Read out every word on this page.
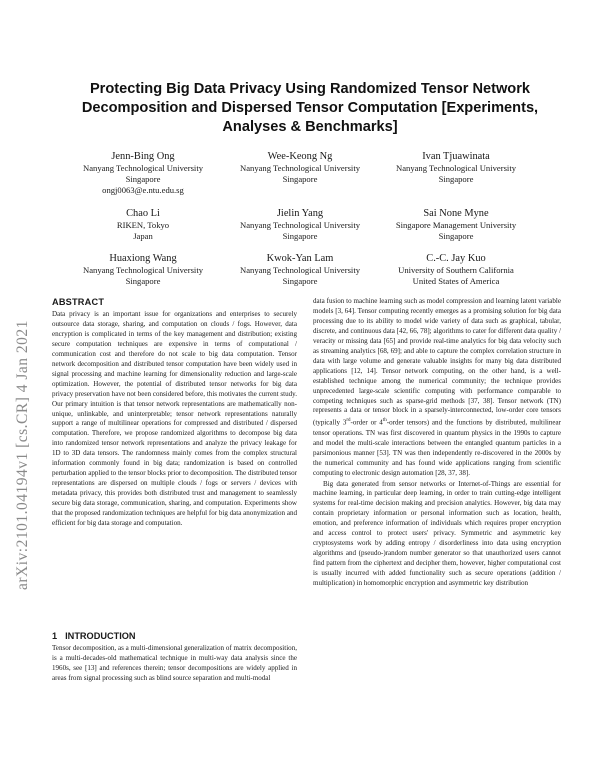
arXiv:2101.04194v1 [cs.CR] 4 Jan 2021
Protecting Big Data Privacy Using Randomized Tensor Network Decomposition and Dispersed Tensor Computation [Experiments, Analyses & Benchmarks]
Jenn-Bing Ong
Nanyang Technological University
Singapore
ongj0063@e.ntu.edu.sg
Wee-Keong Ng
Nanyang Technological University
Singapore
Ivan Tjuawinata
Nanyang Technological University
Singapore
Chao Li
RIKEN, Tokyo
Japan
Jielin Yang
Nanyang Technological University
Singapore
Sai None Myne
Singapore Management University
Singapore
Huaxiong Wang
Nanyang Technological University
Singapore
Kwok-Yan Lam
Nanyang Technological University
Singapore
C.-C. Jay Kuo
University of Southern California
United States of America
ABSTRACT
Data privacy is an important issue for organizations and enterprises to securely outsource data storage, sharing, and computation on clouds / fogs. However, data encryption is complicated in terms of the key management and distribution; existing secure computation techniques are expensive in terms of computational / communication cost and therefore do not scale to big data computation. Tensor network decomposition and distributed tensor computation have been widely used in signal processing and machine learning for dimensionality reduction and large-scale optimization. However, the potential of distributed tensor networks for big data privacy preservation have not been considered before, this motivates the current study. Our primary intuition is that tensor network representations are mathematically non-unique, unlinkable, and uninterpretable; tensor network representations naturally support a range of multilinear operations for compressed and distributed / dispersed computation. Therefore, we propose randomized algorithms to decompose big data into randomized tensor network representations and analyze the privacy leakage for 1D to 3D data tensors. The randomness mainly comes from the complex structural information commonly found in big data; randomization is based on controlled perturbation applied to the tensor blocks prior to decomposition. The distributed tensor representations are dispersed on multiple clouds / fogs or servers / devices with metadata privacy, this provides both distributed trust and management to seamlessly secure big data storage, communication, sharing, and computation. Experiments show that the proposed randomization techniques are helpful for big data anonymization and efficient for big data storage and computation.
1 INTRODUCTION
Tensor decomposition, as a multi-dimensional generalization of matrix decomposition, is a multi-decades-old mathematical technique in multi-way data analysis since the 1960s, see [13] and references therein; tensor decompositions are widely applied in areas from signal processing such as blind source separation and multi-modal

data fusion to machine learning such as model compression and learning latent variable models [3, 64]. Tensor computing recently emerges as a promising solution for big data processing due to its ability to model wide variety of data such as graphical, tabular, discrete, and continuous data [42, 66, 78]; algorithms to cater for different data quality / veracity or missing data [65] and provide real-time analytics for big data velocity such as streaming analytics [68, 69]; and able to capture the complex correlation structure in data with large volume and generate valuable insights for many big data distributed applications [12, 14]. Tensor network computing, on the other hand, is a well-established technique among the numerical community; the technique provides unprecedented large-scale scientific computing with performance comparable to competing techniques such as sparse-grid methods [37, 38]. Tensor network (TN) represents a data or tensor block in a sparsely-interconnected, low-order core tensors (typically 3rd-order or 4th-order tensors) and the functions by distributed, multilinear tensor operations. TN was first discovered in quantum physics in the 1990s to capture and model the multi-scale interactions between the entangled quantum particles in a parsimonious manner [53]. TN was then independently re-discovered in the 2000s by the numerical community and has found wide applications ranging from scientific computing to electronic design automation [28, 37, 38].

Big data generated from sensor networks or Internet-of-Things are essential for machine learning, in particular deep learning, in order to train cutting-edge intelligent systems for real-time decision making and precision analytics. However, big data may contain proprietary information or personal information such as location, health, emotion, and preference information of individuals which requires proper encryption and access control to protect users' privacy. Symmetric and asymmetric key cryptosystems work by adding entropy / disorderliness into data using encryption algorithms and (pseudo-)random number generator so that unauthorized users cannot find pattern from the ciphertext and decipher them, however, higher computational cost is usually incurred with added functionality such as secure operations (addition / multiplication) in homomorphic encryption and asymmetric key distribution
